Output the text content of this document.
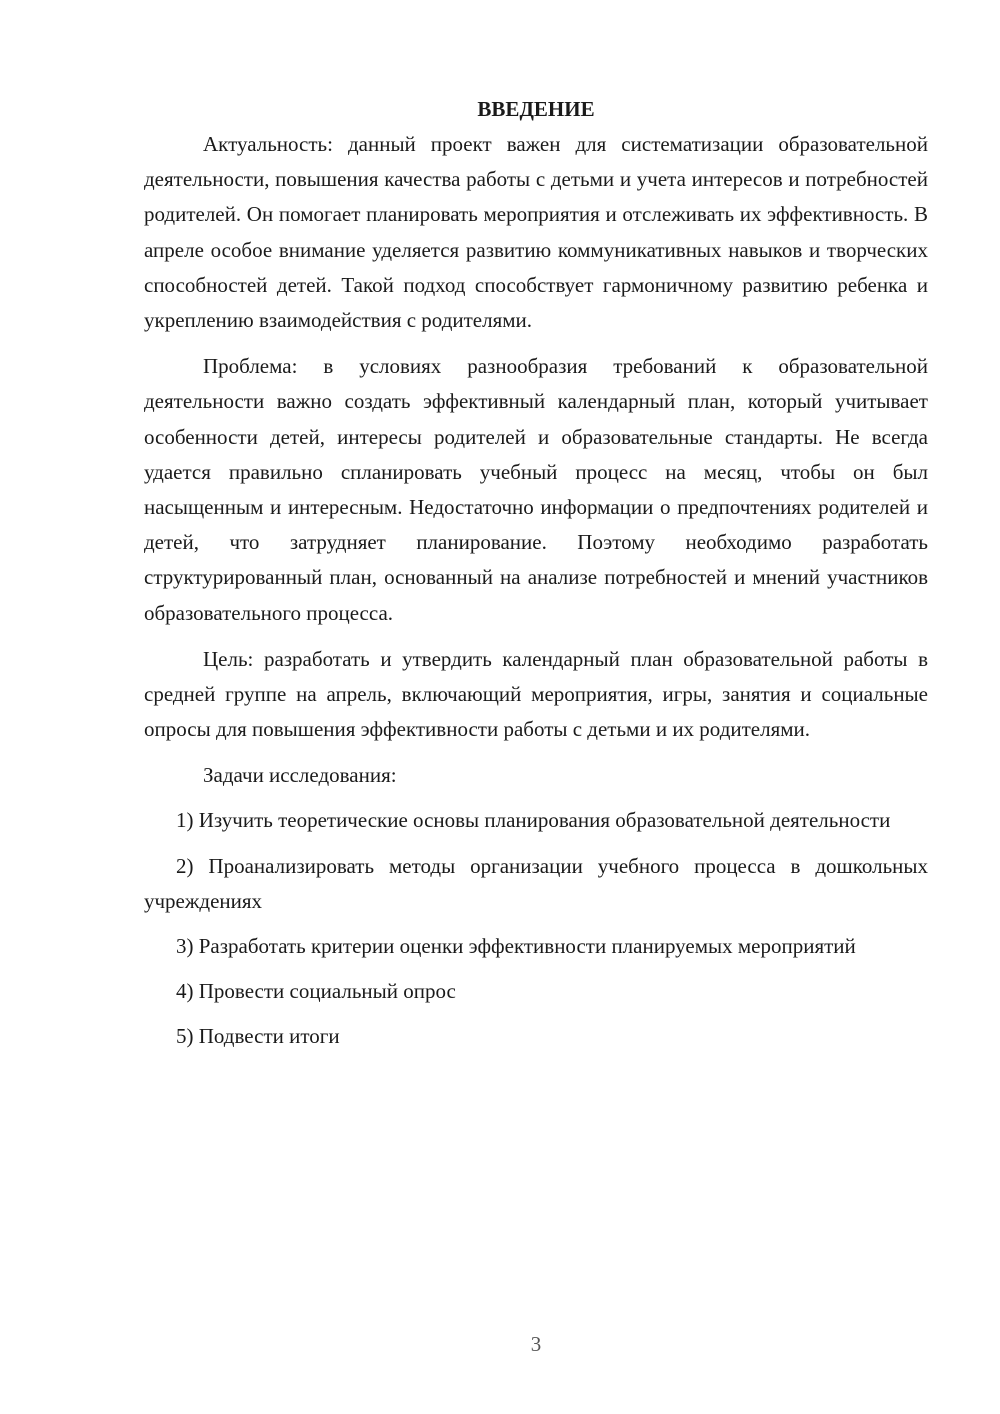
ВВЕДЕНИЕ

Актуальность: данный проект важен для систематизации образовательной деятельности, повышения качества работы с детьми и учета интересов и потребностей родителей. Он помогает планировать мероприятия и отслеживать их эффективность. В апреле особое внимание уделяется развитию коммуникативных навыков и творческих способностей детей. Такой подход способствует гармоничному развитию ребенка и укреплению взаимодействия с родителями.

Проблема: в условиях разнообразия требований к образовательной деятельности важно создать эффективный календарный план, который учитывает особенности детей, интересы родителей и образовательные стандарты. Не всегда удается правильно спланировать учебный процесс на месяц, чтобы он был насыщенным и интересным. Недостаточно информации о предпочтениях родителей и детей, что затрудняет планирование. Поэтому необходимо разработать структурированный план, основанный на анализе потребностей и мнений участников образовательного процесса.

Цель: разработать и утвердить календарный план образовательной работы в средней группе на апрель, включающий мероприятия, игры, занятия и социальные опросы для повышения эффективности работы с детьми и их родителями.

Задачи исследования:

1) Изучить теоретические основы планирования образовательной деятельности

2) Проанализировать методы организации учебного процесса в дошкольных учреждениях

3) Разработать критерии оценки эффективности планируемых мероприятий

4) Провести социальный опрос

5) Подвести итоги

3
